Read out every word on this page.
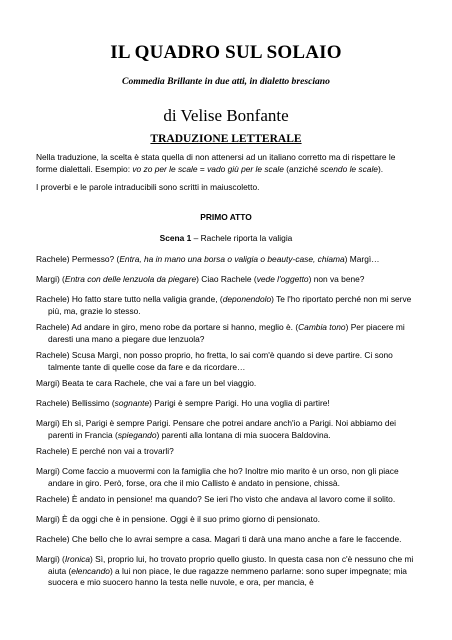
IL QUADRO SUL SOLAIO
Commedia Brillante in due atti, in dialetto bresciano
di Velise Bonfante
TRADUZIONE LETTERALE
Nella traduzione, la scelta è stata quella di non attenersi ad un italiano corretto ma di rispettare le forme dialettali. Esempio: vo zo per le scale = vado giù per le scale (anziché scendo le scale).
I proverbi e le parole intraducibili sono scritti in maiuscoletto.
PRIMO ATTO
Scena 1 – Rachele riporta la valigia
Rachele) Permesso? (Entra, ha in mano una borsa o valigia o beauty-case, chiama) Margì…
Margi) (Entra con delle lenzuola da piegare) Ciao Rachele (vede l'oggetto) non va bene?
Rachele) Ho fatto stare tutto nella valigia grande, (deponendolo) Te l'ho riportato perché non mi serve più, ma, grazie lo stesso.
Rachele) Ad andare in giro, meno robe da portare si hanno, meglio è. (Cambia tono) Per piacere mi daresti una mano a piegare due lenzuola?
Rachele) Scusa Margì, non posso proprio, ho fretta, lo sai com'è quando si deve partire. Ci sono talmente tante di quelle cose da fare e da ricordare…
Margi) Beata te cara Rachele, che vai a fare un bel viaggio.
Rachele) Bellissimo (sognante) Parigi è sempre Parigi. Ho una voglia di partire!
Margi) Eh sì, Parigi è sempre Parigi. Pensare che potrei andare anch'io a Parigi. Noi abbiamo dei parenti in Francia (spiegando) parenti alla lontana di mia suocera Baldovina.
Rachele) E perché non vai a trovarli?
Margi) Come faccio a muovermi con la famiglia che ho? Inoltre mio marito è un orso, non gli piace andare in giro. Però, forse, ora che il mio Callisto è andato in pensione, chissà.
Rachele) È andato in pensione! ma quando? Se ieri l'ho visto che andava al lavoro come il solito.
Margi) È da oggi che è in pensione. Oggi è il suo primo giorno di pensionato.
Rachele) Che bello che lo avrai sempre a casa. Magari ti darà una mano anche a fare le faccende.
Margi) (Ironica) Sì, proprio lui, ho trovato proprio quello giusto. In questa casa non c'è nessuno che mi aiuta (elencando) a lui non piace, le due ragazze nemmeno parlarne: sono super impegnate; mia suocera e mio suocero hanno la testa nelle nuvole, e ora, per mancia, è
